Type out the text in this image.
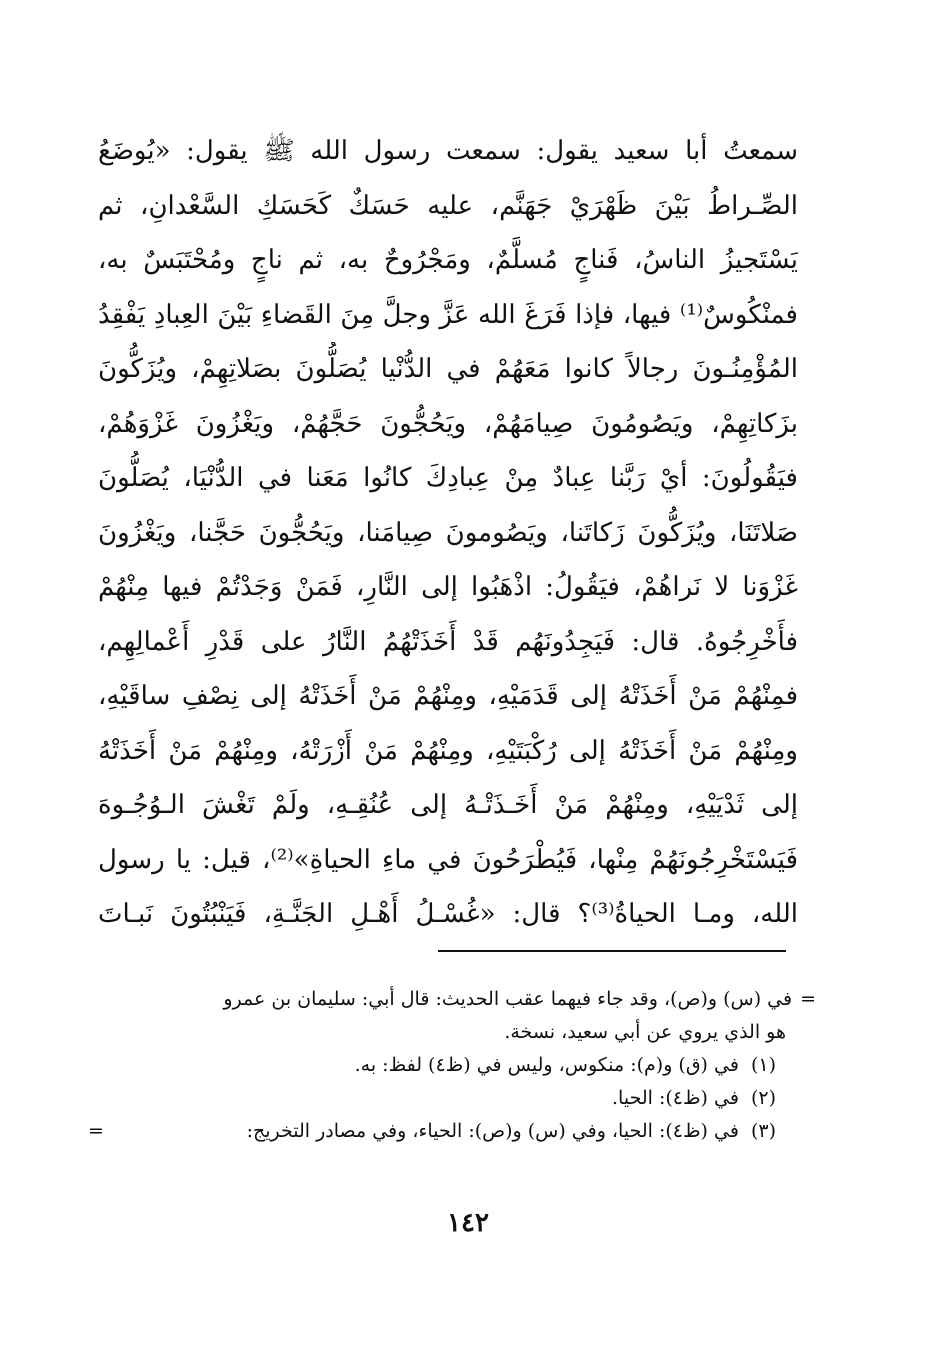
سمعتُ أبا سعيد يقول: سمعت رسول الله ﷺ يقول: «يُوضَعُ
الصِّـراطُ بَيْنَ ظَهْرَيْ جَهَنَّم، عليه حَسَكٌ كَحَسَكِ السَّعْدانِ، ثم
يَسْتَجيزُ الناسُ، فَناجٍ مُسلَّمٌ، ومَجْرُوحٌ به، ثم ناجٍ ومُحْتَبَسٌ به،
فمنْكُوسٌ⁽¹⁾ فيها، فإذا فَرَغَ الله عَزَّ وجلَّ مِنَ القَضاءِ بَيْنَ العِبادِ يَفْقِدُ
المُؤْمِنُـونَ رجالاً كانوا مَعَهُمْ في الدُّنْيا يُصَلُّونَ بصَلاتِهِمْ، ويُزَكُّونَ
بزَكاتِهِمْ، ويَصُومُونَ صِيامَهُمْ، ويَحُجُّونَ حَجَّهُمْ، ويَغْزُونَ غَزْوَهُمْ،
فيَقُولُونَ: أيْ رَبَّنا عِبادٌ مِنْ عِبادِكَ كانُوا مَعَنا في الدُّنْيَا، يُصَلُّونَ
صَلاتَنَا، ويُزَكُّونَ زَكاتَنا، ويَصُومونَ صِيامَنا، ويَحُجُّونَ حَجَّنا، ويَغْزُونَ
غَزْوَنا لا نَراهُمْ، فيَقُولُ: اذْهَبُوا إلى النَّارِ، فَمَنْ وَجَدْتُمْ فيها مِنْهُمْ
فأَخْرِجُوهُ. قال: فَيَجِدُونَهُم قَدْ أَخَذَتْهُمُ النَّارُ على قَدْرِ أَعْمالِهِم،
فمِنْهُمْ مَنْ أَخَذَتْهُ إلى قَدَمَيْهِ، ومِنْهُمْ مَنْ أَخَذَتْهُ إلى نِصْفِ ساقَيْهِ،
ومِنْهُمْ مَنْ أَخَذَتْهُ إلى رُكْبَتَيْهِ، ومِنْهُمْ مَنْ أَزْرَتْهُ، ومِنْهُمْ مَنْ أَخَذَتْهُ
إلى ثَدْيَيْهِ، ومِنْهُمْ مَنْ أَخَـذَتْـهُ إلى عُنُقِـهِ، ولَمْ تَغْشَ الـوُجُـوهَ
فَيَسْتَخْرِجُونَهُمْ مِنْها، فَيُطْرَحُونَ في ماءِ الحياةِ»⁽²⁾، قيل: يا رسول
الله، ومـا الحياةُ⁽³⁾؟ قال: «غُسْـلُ أَهْـلِ الجَنَّـةِ، فَيَنْبُتُونَ نَبـاتَ
=في (س) و(ص)، وقد جاء فيهما عقب الحديث: قال أبي: سليمان بن عمرو
هو الذي يروي عن أبي سعيد، نسخة.
(١)في (ق) و(م): منكوس، وليس في (ظ٤) لفظ: به.
(٢)في (ظ٤): الحيا.
(٣)في (ظ٤): الحيا، وفي (س) و(ص): الحياء، وفي مصادر التخريج:
=
١٤٢
